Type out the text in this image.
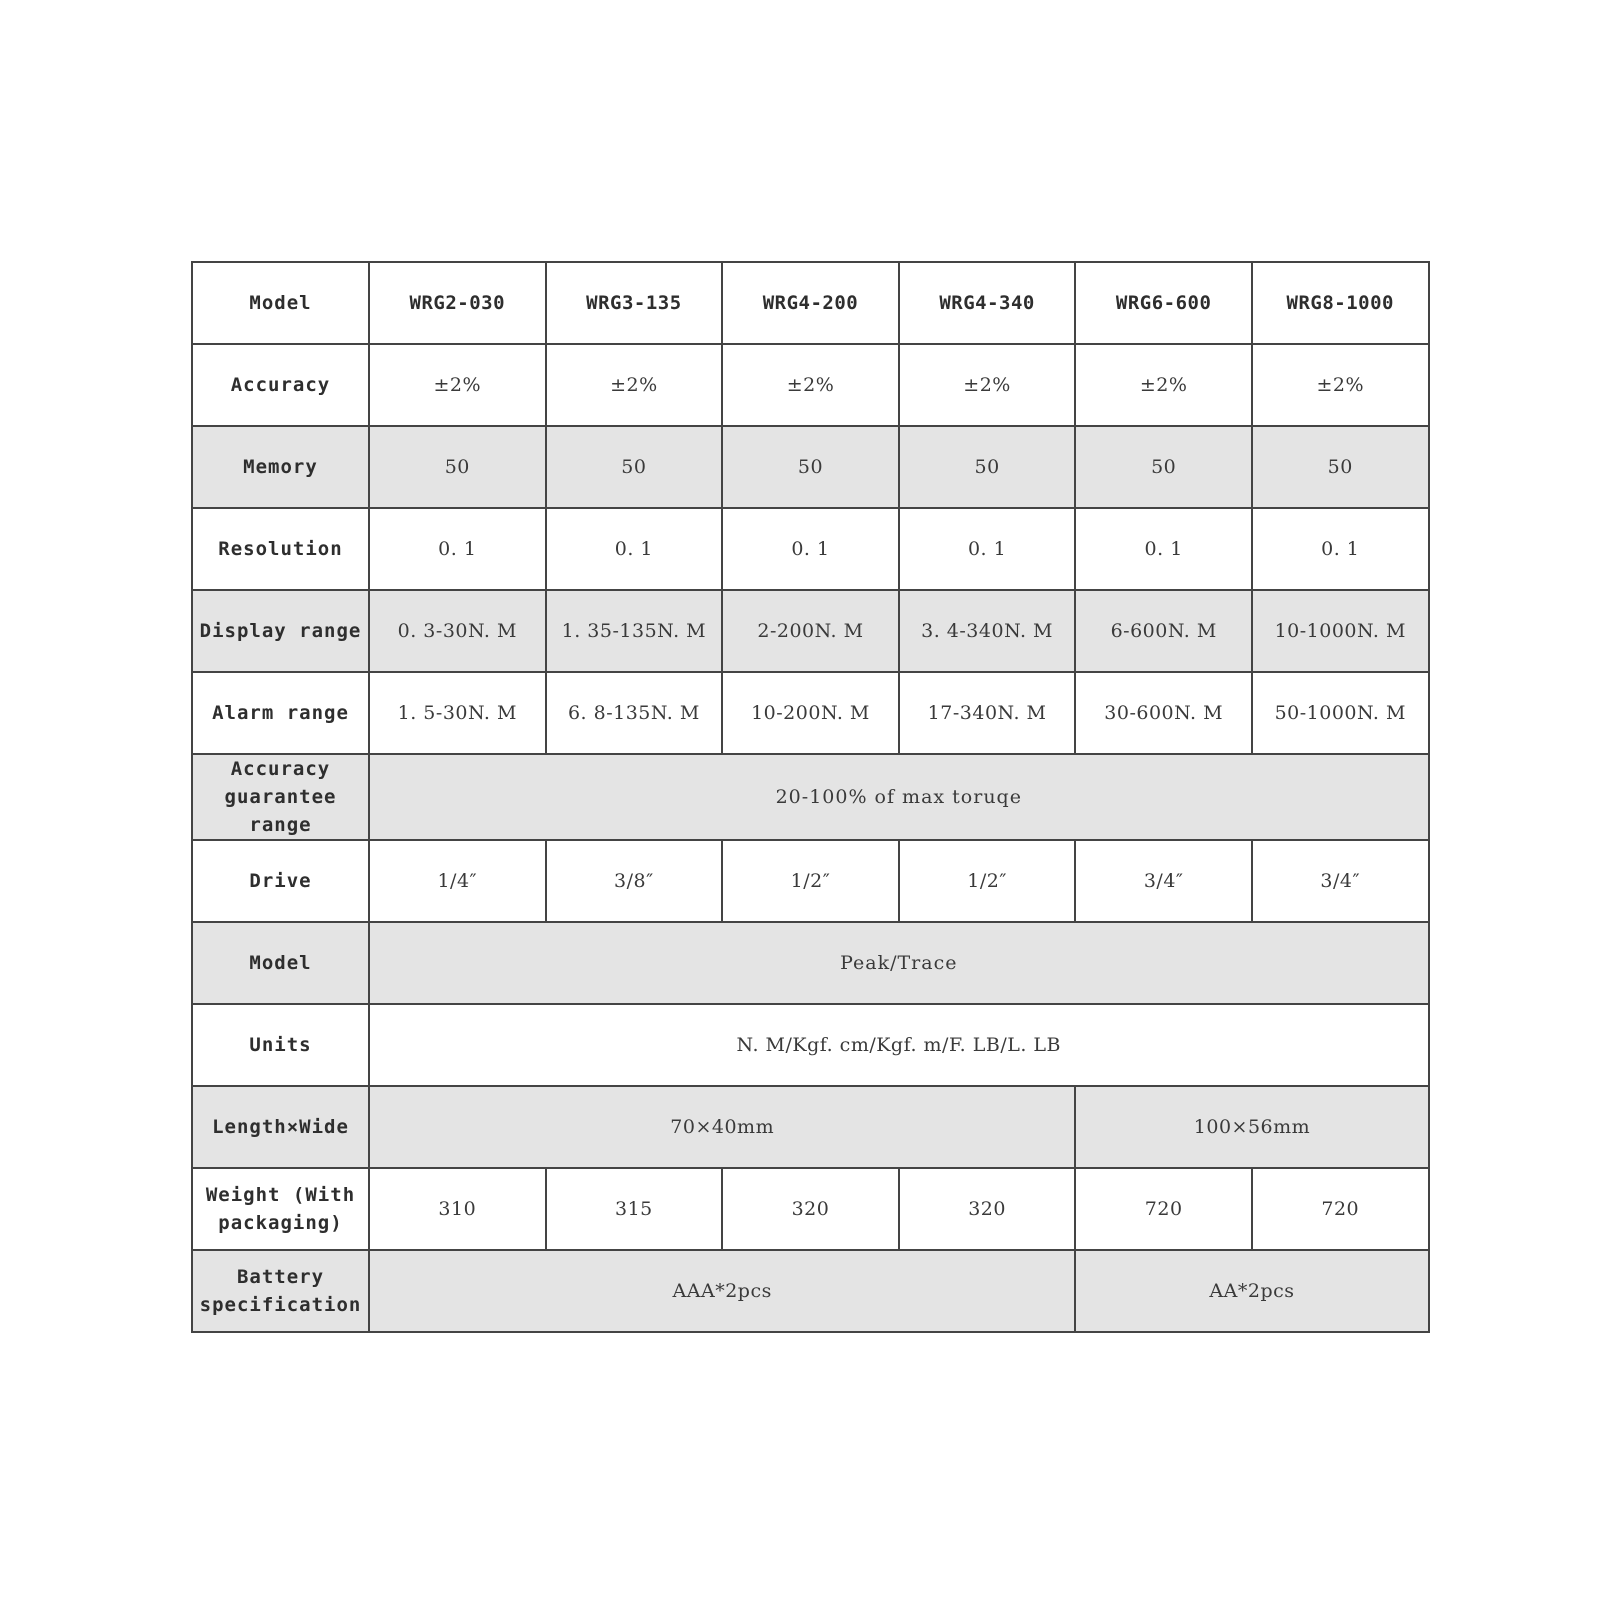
Model	WRG2-030	WRG3-135	WRG4-200	WRG4-340	WRG6-600	WRG8-1000
Accuracy	±2%	±2%	±2%	±2%	±2%	±2%
Memory	50	50	50	50	50	50
Resolution	0. 1	0. 1	0. 1	0. 1	0. 1	0. 1
Display range	0. 3-30N. M	1. 35-135N. M	2-200N. M	3. 4-340N. M	6-600N. M	10-1000N. M
Alarm range	1. 5-30N. M	6. 8-135N. M	10-200N. M	17-340N. M	30-600N. M	50-1000N. M
Accuracy guarantee range	20-100% of max toruqe					
Drive	1/4″	3/8″	1/2″	1/2″	3/4″	3/4″
Model	Peak/Trace					
Units	N. M/Kgf. cm/Kgf. m/F. LB/L. LB					
Length×Wide	70×40mm				100×56mm	
Weight (With packaging)	310	315	320	320	720	720
Battery specification	AAA*2pcs				AA*2pcs	
